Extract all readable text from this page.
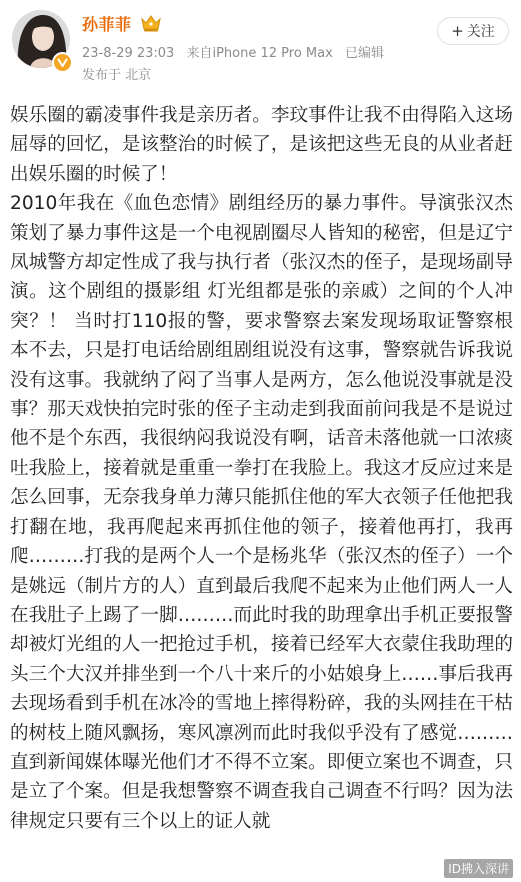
孙菲菲
23-8-29 23:03 来自iPhone 12 Pro Max 已编辑
发布于 北京
+ 关注

娱乐圈的霸凌事件我是亲历者。李玟事件让我不由得陷入这场屈辱的回忆，是该整治的时候了，是该把这些无良的从业者赶出娱乐圈的时候了！

2010年我在《血色恋情》剧组经历的暴力事件。导演张汉杰策划了暴力事件这是一个电视剧圈尽人皆知的秘密，但是辽宁凤城警方却定性成了我与执行者（张汉杰的侄子，是现场副导演。这个剧组的摄影组 灯光组都是张的亲戚）之间的个人冲突？！ 当时打110报的警，要求警察去案发现场取证警察根本不去，只是打电话给剧组剧组说没有这事，警察就告诉我说没有这事。我就纳了闷了当事人是两方，怎么他说没事就是没事？那天戏快拍完时张的侄子主动走到我面前问我是不是说过他不是个东西，我很纳闷我说没有啊，话音未落他就一口浓痰吐我脸上，接着就是重重一拳打在我脸上。我这才反应过来是怎么回事，无奈我身单力薄只能抓住他的军大衣领子任他把我打翻在地，我再爬起来再抓住他的领子，接着他再打，我再爬………打我的是两个人一个是杨兆华（张汉杰的侄子）一个是姚远（制片方的人）直到最后我爬不起来为止他们两人一人在我肚子上踢了一脚………而此时我的助理拿出手机正要报警却被灯光组的人一把抢过手机，接着已经军大衣蒙住我助理的头三个大汉并排坐到一个八十来斤的小姑娘身上……事后我再去现场看到手机在冰冷的雪地上摔得粉碎，我的头网挂在干枯的树枝上随风飘扬，寒风凛冽而此时我似乎没有了感觉………直到新闻媒体曝光他们才不得不立案。即便立案也不调查，只是立了个案。但是我想警察不调查我自己调查不行吗？因为法律规定只要有三个以上的证人就

ID拂入深讲
